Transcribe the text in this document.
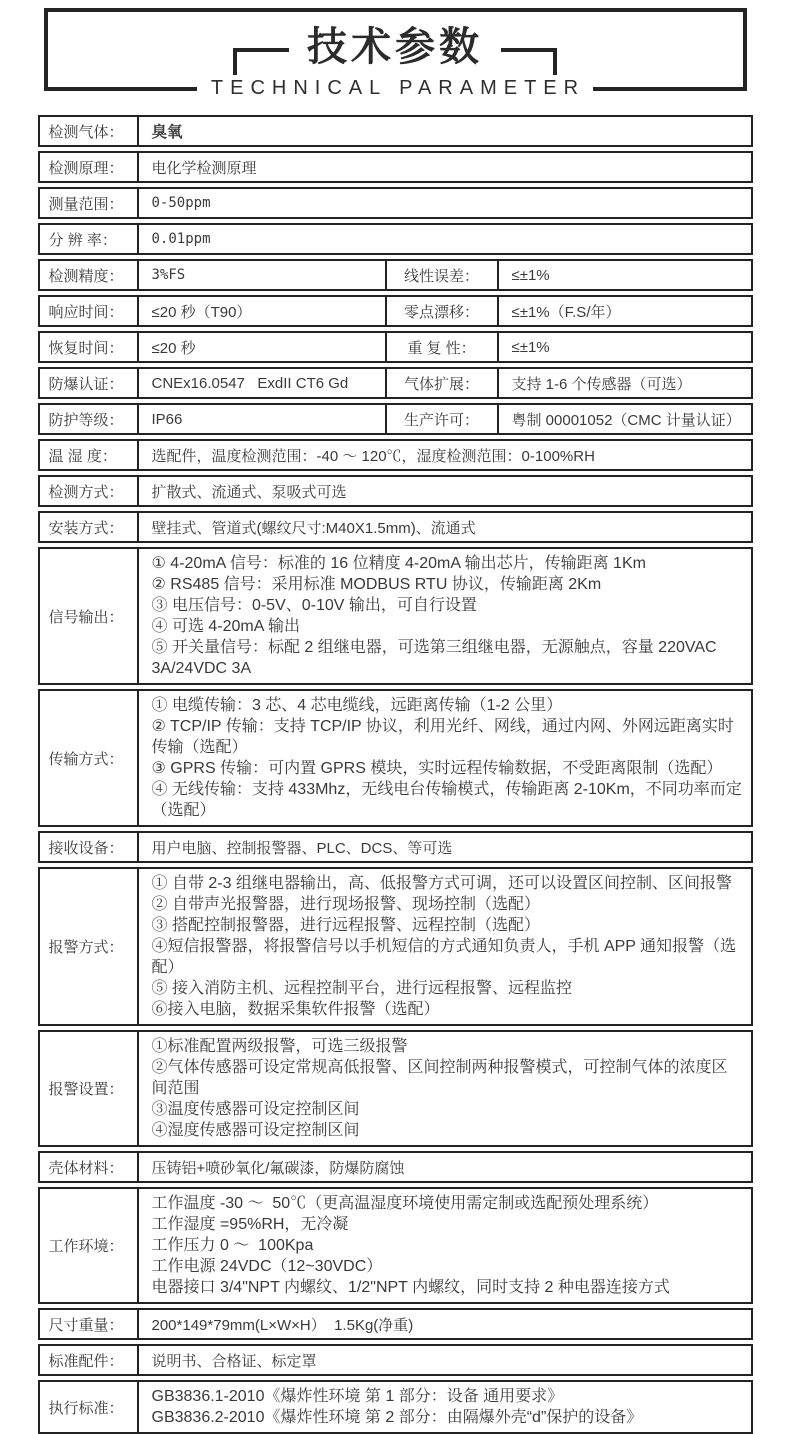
技术参数
TECHNICAL PARAMETER
检测气体： 臭氧
检测原理： 电化学检测原理
测量范围： 0-50ppm
分 辨 率： 0.01ppm
检测精度： 3%FS	线性误差： ≤±1%
响应时间： ≤20 秒（T90）	零点漂移： ≤±1%（F.S/年）
恢复时间： ≤20 秒	重 复 性： ≤±1%
防爆认证： CNEx16.0547   ExdII CT6 Gd	气体扩展： 支持 1-6 个传感器（可选）
防护等级： IP66	生产许可： 粤制 00001052（CMC 计量认证）
温 湿 度： 选配件，温度检测范围：-40 ～ 120℃，湿度检测范围：0-100%RH
检测方式： 扩散式、流通式、泵吸式可选
安装方式： 壁挂式、管道式(螺纹尺寸:M40X1.5mm)、流通式
信号输出：
① 4-20mA 信号：标准的 16 位精度 4-20mA 输出芯片，传输距离 1Km
② RS485 信号：采用标准 MODBUS RTU 协议，传输距离 2Km
③ 电压信号：0-5V、0-10V 输出，可自行设置
④ 可选 4-20mA 输出
⑤ 开关量信号：标配 2 组继电器，可选第三组继电器，无源触点，容量 220VAC 3A/24VDC 3A
传输方式：
① 电缆传输：3 芯、4 芯电缆线，远距离传输（1-2 公里）
② TCP/IP 传输：支持 TCP/IP 协议，利用光纤、网线，通过内网、外网远距离实时传输（选配）
③ GPRS 传输：可内置 GPRS 模块，实时远程传输数据，不受距离限制（选配）
④ 无线传输：支持 433Mhz，无线电台传输模式，传输距离 2-10Km，不同功率而定（选配）
接收设备： 用户电脑、控制报警器、PLC、DCS、等可选
报警方式：
① 自带 2-3 组继电器输出，高、低报警方式可调，还可以设置区间控制、区间报警
② 自带声光报警器，进行现场报警、现场控制（选配）
③ 搭配控制报警器，进行远程报警、远程控制（选配）
④短信报警器，将报警信号以手机短信的方式通知负责人，手机 APP 通知报警（选配）
⑤ 接入消防主机、远程控制平台，进行远程报警、远程监控
⑥接入电脑，数据采集软件报警（选配）
报警设置：
①标准配置两级报警，可选三级报警
②气体传感器可设定常规高低报警、区间控制两种报警模式，可控制气体的浓度区间范围
③温度传感器可设定控制区间
④湿度传感器可设定控制区间
壳体材料： 压铸铝+喷砂氧化/氟碳漆，防爆防腐蚀
工作环境：
工作温度 -30 ～  50℃（更高温湿度环境使用需定制或选配预处理系统）
工作湿度 =95%RH，无冷凝
工作压力 0 ～  100Kpa
工作电源 24VDC（12~30VDC）
电器接口 3/4"NPT 内螺纹、1/2"NPT 内螺纹，同时支持 2 种电器连接方式
尺寸重量： 200*149*79mm(L×W×H）  1.5Kg(净重)
标准配件： 说明书、合格证、标定罩
执行标准：
GB3836.1-2010《爆炸性环境 第 1 部分：设备 通用要求》
GB3836.2-2010《爆炸性环境 第 2 部分：由隔爆外壳“d”保护的设备》
